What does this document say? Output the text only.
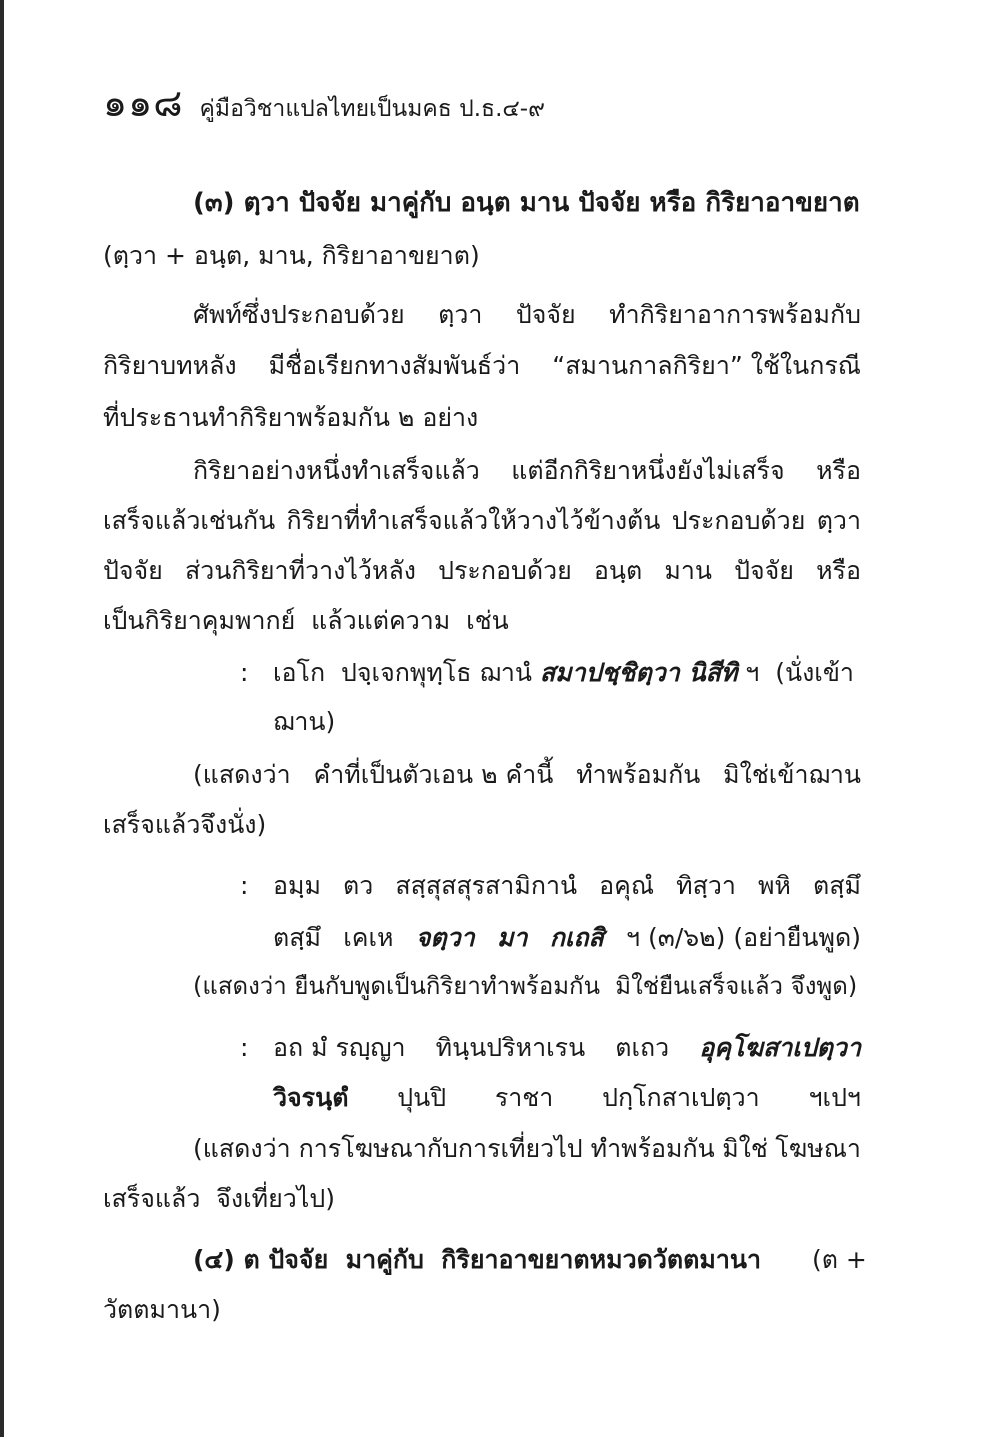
๑๑๘ คู่มือวิชาแปลไทยเป็นมคธ ป.ธ.๔-๙
(๓) ตฺวา ปัจจัย มาคู่กับ อนฺต มาน ปัจจัย หรือ กิริยาอาขยาต
(ตฺวา + อนฺต, มาน, กิริยาอาขยาต)
ศัพท์ซึ่งประกอบด้วย ตฺวา ปัจจัย ทำกิริยาอาการพร้อมกับ
กิริยาบทหลัง มีชื่อเรียกทางสัมพันธ์ว่า “สมานกาลกิริยา” ใช้ในกรณี
ที่ประธานทำกิริยาพร้อมกัน ๒ อย่าง
กิริยาอย่างหนึ่งทำเสร็จแล้ว แต่อีกกิริยาหนึ่งยังไม่เสร็จ หรือ
เสร็จแล้วเช่นกัน กิริยาที่ทำเสร็จแล้วให้วางไว้ข้างต้น ประกอบด้วย ตฺวา
ปัจจัย ส่วนกิริยาที่วางไว้หลัง ประกอบด้วย อนฺต มาน ปัจจัย หรือ
เป็นกิริยาคุมพากย์  แล้วแต่ความ  เช่น
: เอโก  ปจฺเจกพุทฺโธ ฌานํ สมาปชฺชิตฺวา นิสีทิ ฯ  (นั่งเข้า
ฌาน)
(แสดงว่า คำที่เป็นตัวเอน ๒ คำนี้ ทำพร้อมกัน มิใช่เข้าฌาน
เสร็จแล้วจึงนั่ง)
: อมฺม ตว สสฺสุสสุรสามิกานํ อคุณํ ทิสฺวา พหิ ตสฺมึ
ตสฺมึ เคเห จตฺวา มา กเถสิ ฯ (๓/๖๒) (อย่ายืนพูด)
(แสดงว่า ยืนกับพูดเป็นกิริยาทำพร้อมกัน  มิใช่ยืนเสร็จแล้ว จึงพูด)
: อถ มํ รญฺญา ทินฺนปริหาเรน ตเถว อุคฺโฆสาเปตฺวา
วิจรนฺตํ ปุนปิ ราชา ปกฺโกสาเปตฺวา ฯเปฯ
(แสดงว่า การโฆษณากับการเที่ยวไป ทำพร้อมกัน มิใช่ โฆษณา
เสร็จแล้ว  จึงเที่ยวไป)
(๔) ต ปัจจัย  มาคู่กับ  กิริยาอาขยาตหมวดวัตตมานา (ต +
วัตตมานา)
